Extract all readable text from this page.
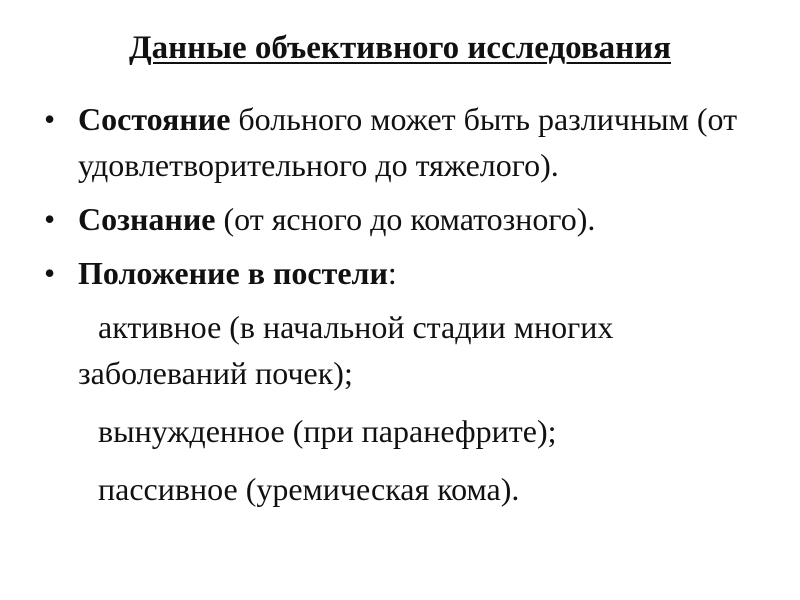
Данные объективного исследования
• Состояние больного может быть различным (от удовлетворительного до тяжелого).
• Сознание (от ясного до коматозного).
• Положение в постели:
активное (в начальной стадии многих заболеваний почек);
вынужденное (при паранефрите);
пассивное (уремическая кома).
